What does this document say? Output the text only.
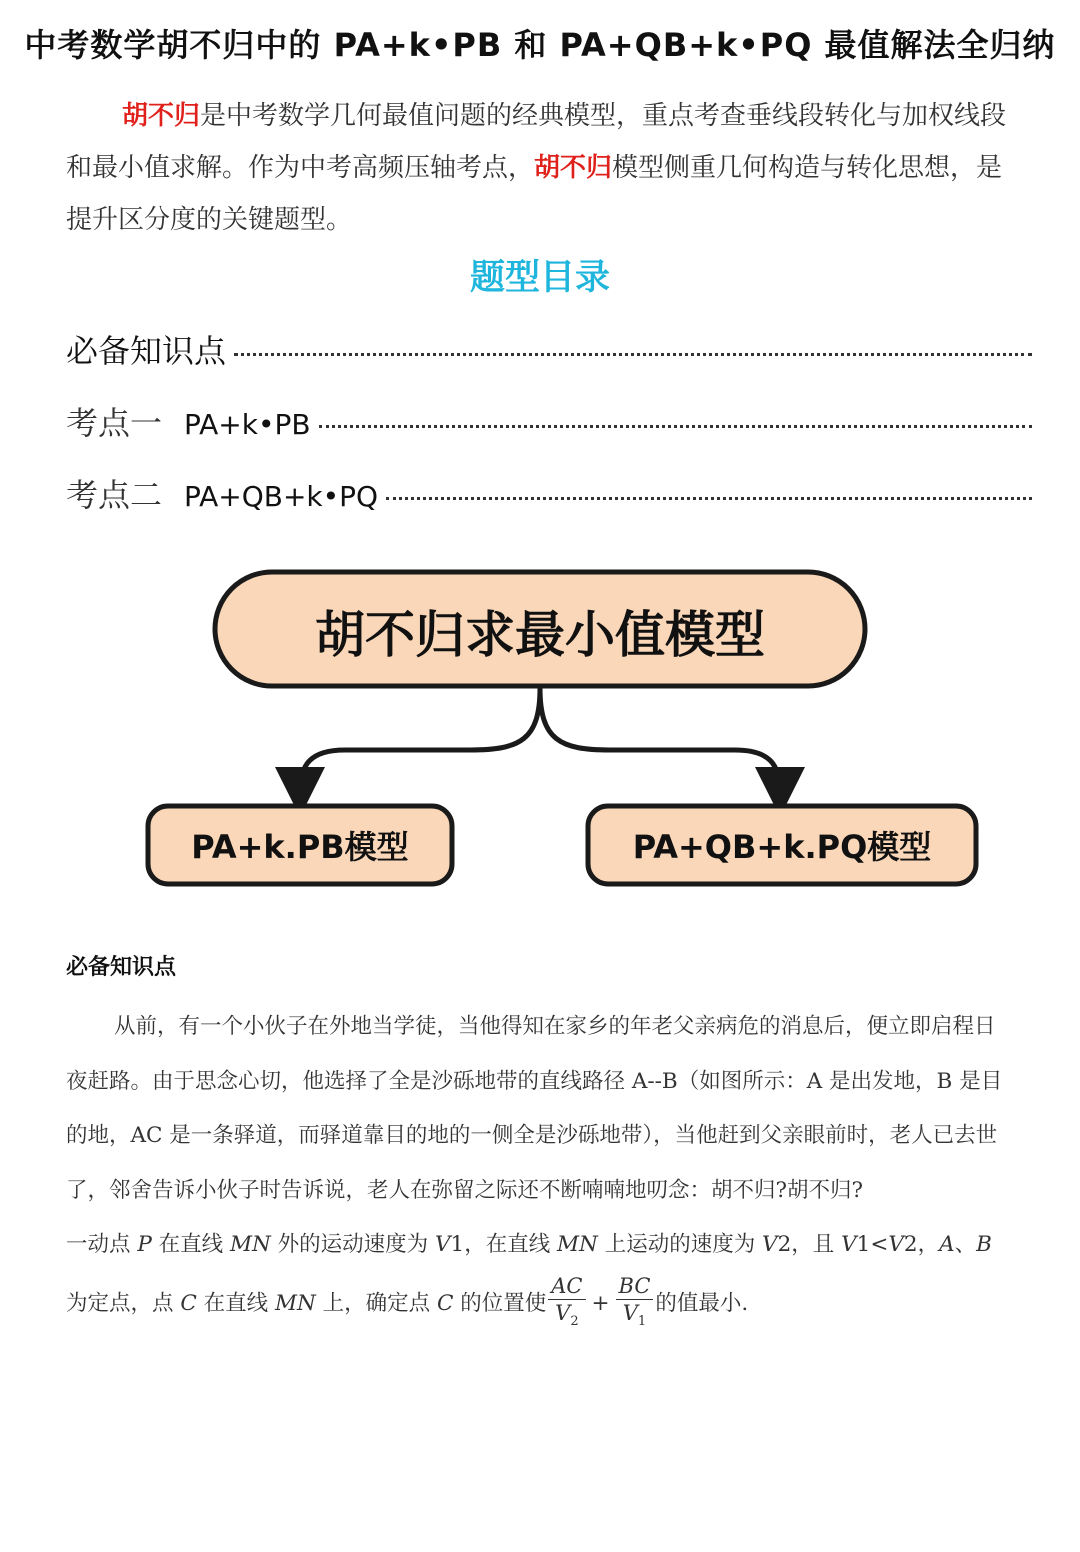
中考数学胡不归中的 PA+k•PB 和 PA+QB+k•PQ 最值解法全归纳

胡不归是中考数学几何最值问题的经典模型，重点考查垂线段转化与加权线段和最小值求解。作为中考高频压轴考点，胡不归模型侧重几何构造与转化思想，是提升区分度的关键题型。

题型目录
必备知识点
考点一 PA+k•PB
考点二 PA+QB+k•PQ
胡不归求最小值模型
PA+k.PB模型	PA+QB+k.PQ模型
必备知识点

从前，有一个小伙子在外地当学徒，当他得知在家乡的年老父亲病危的消息后，便立即启程日夜赶路。由于思念心切，他选择了全是沙砾地带的直线路径 A--B（如图所示：A 是出发地，B 是目的地，AC 是一条驿道，而驿道靠目的地的一侧全是沙砾地带），当他赶到父亲眼前时，老人已去世了，邻舍告诉小伙子时告诉说，老人在弥留之际还不断喃喃地叨念：胡不归?胡不归?

一动点 P 在直线 MN 外的运动速度为 V1，在直线 MN 上运动的速度为 V2，且 V1<V2，A、B 为定点，点 C 在直线 MN 上，确定点 C 的位置使 $\frac{AC}{V_2} + \frac{BC}{V_1}$ 的值最小.
